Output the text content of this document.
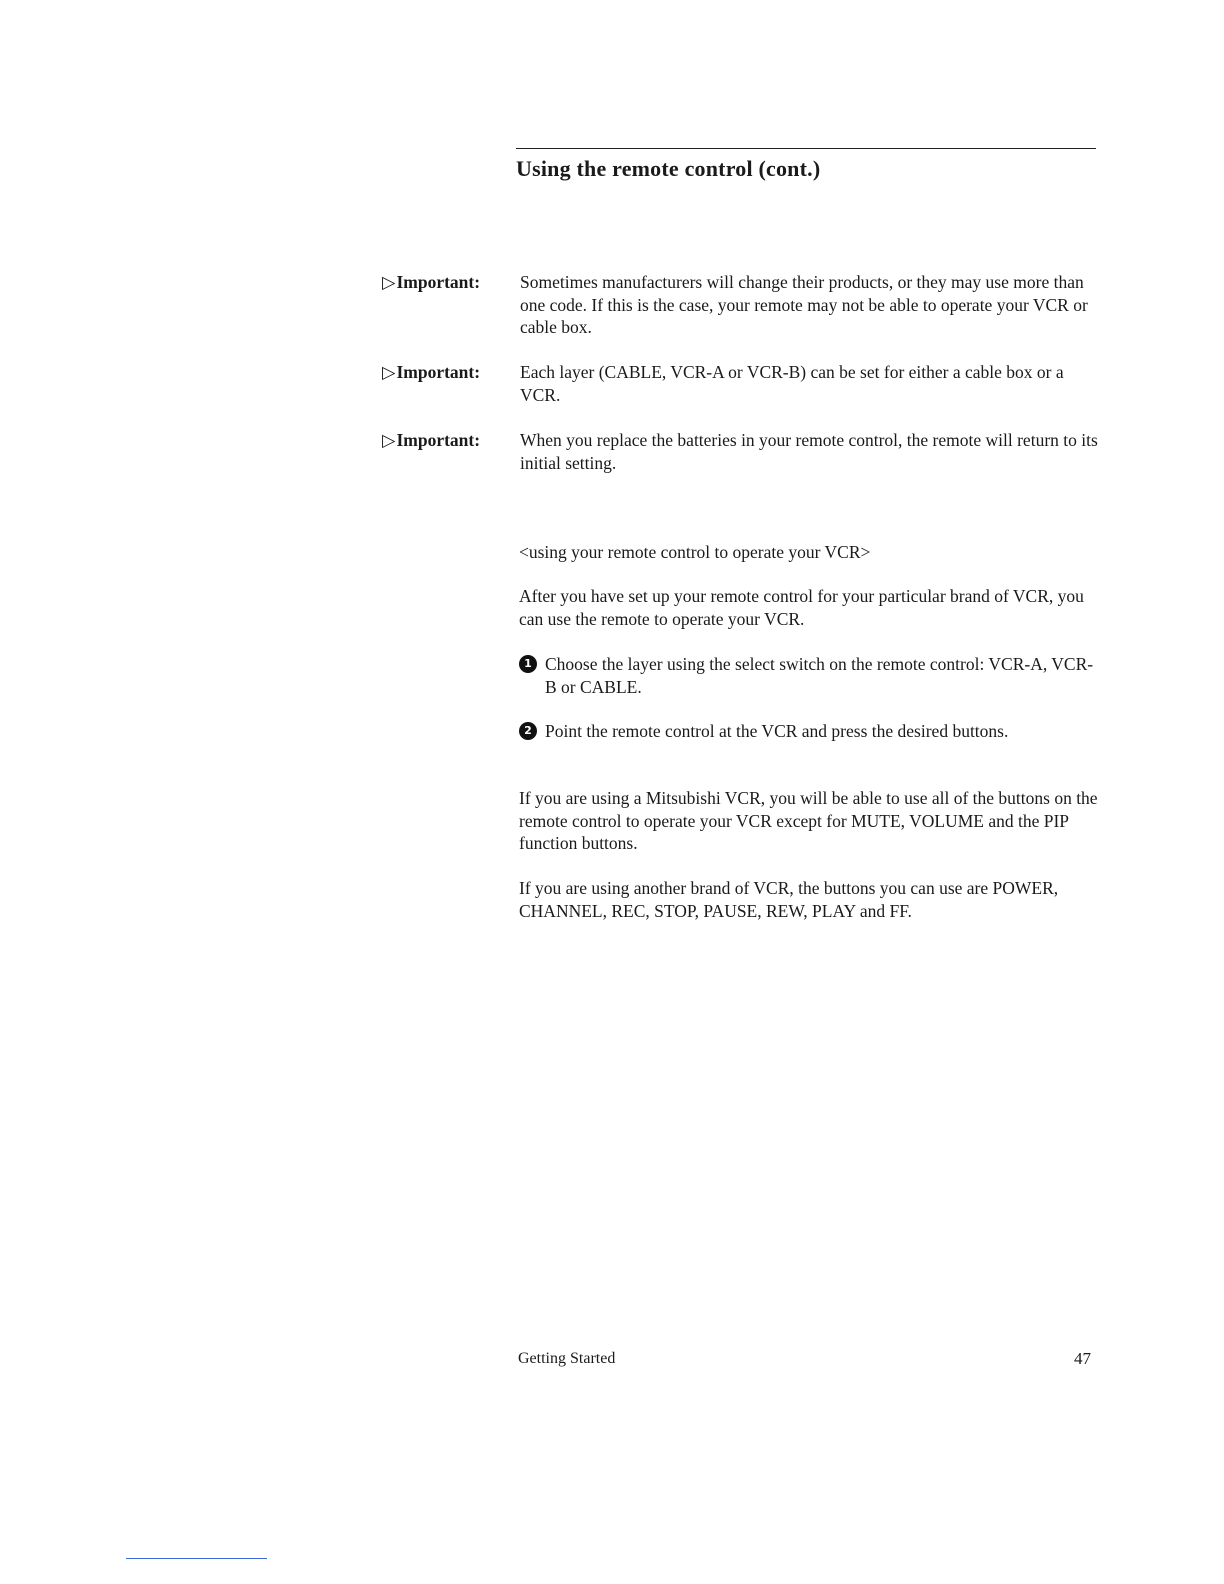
Using the remote control (cont.)
▷Important: Sometimes manufacturers will change their products, or they may use more than one code. If this is the case, your remote may not be able to operate your VCR or cable box.
▷Important: Each layer (CABLE, VCR-A or VCR-B) can be set for either a cable box or a VCR.
▷Important: When you replace the batteries in your remote control, the remote will return to its initial setting.

<using your remote control to operate your VCR>

After you have set up your remote control for your particular brand of VCR, you can use the remote to operate your VCR.

1 Choose the layer using the select switch on the remote control: VCR-A, VCR-B or CABLE.
2 Point the remote control at the VCR and press the desired buttons.

If you are using a Mitsubishi VCR, you will be able to use all of the buttons on the remote control to operate your VCR except for MUTE, VOLUME and the PIP function buttons.

If you are using another brand of VCR, the buttons you can use are POWER, CHANNEL, REC, STOP, PAUSE, REW, PLAY and FF.

Getting Started	47
